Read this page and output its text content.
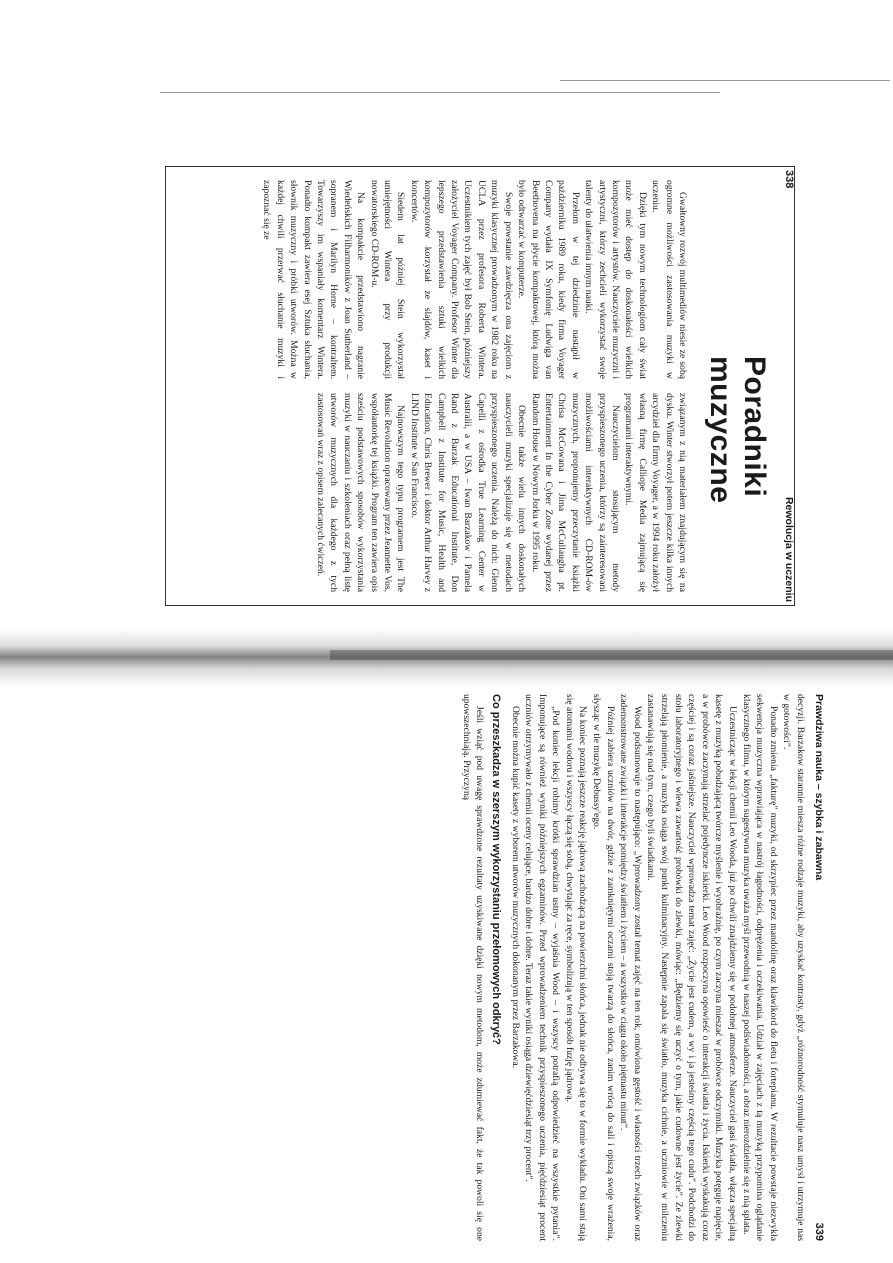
338
Rewolucja w uczeniu
Poradniki muzyczne

Gwałtowny rozwój multimediów niesie ze sobą ogromne możliwości zastosowania muzyki w uczeniu.

Dzięki tym nowym technologiom cały świat może mieć dostęp do doskonałości wielkich kompozytorów i artystów. Nauczyciele muzyczni i artystyczni, którzy zechcieli wykorzystać swoje talenty do ułatwienia innym nauki.

Przełom w tej dziedzinie nastąpił w październiku 1989 roku, kiedy firma Voyager Company wydała IX Symfonię Ludwiga van Beethovena na płycie kompaktowej, którą można było odtwarzać w komputerze.

Swoje powstanie zawdzięcza ona zajęciom z muzyki klasycznej prowadzonym w 1982 roku na UCLA przez profesora Roberta Wintera. Uczestnikiem tych zajęć był Bob Stein, późniejszy założyciel Voyager Company. Profesor Winter dla lepszego przedstawienia sztuki wielkich kompozytorów korzystał ze slajdów, kaset i koncertów.

Siedem lat później Stein wykorzystał umiejętności Wintera przy produkcji nowatorskiego CD-ROM-u.

Na kompakcie przedstawiono nagranie Wiedeńskich Filharmoników z Joan Sutherland – sopranem i Marilyn Horne – kontraltem. Towarzyszy im wspaniały komentarz Wintera. Ponadto kompakt zawiera esej Sztuka słuchania, słownik muzyczny i próbki utworów. Można w każdej chwili przerwać słuchanie muzyki i zapoznać się ze

związanym z nią materiałem znajdującym się na dysku. Winter stworzył potem jeszcze kilka innych arcydzieł dla firmy Voyager, a w 1994 roku założył własną firmę Calliope Media zajmującą się programami interaktywnymi.

Nauczycielom stosującym metody przyspieszonego uczenia, którzy są zainteresowani możliwościami interaktywnych CD-ROM-ów muzycznych, proponujemy przeczytanie książki Chrisa McCowana i Jima McCullaugha pt. Entertainment In the Cyber Zone wydanej przez Random House w Nowym Jorku w 1995 roku.

Obecnie także wielu innych doskonałych nauczycieli muzyki specjalizuje się w metodach przyspieszonego uczenia. Należą do nich: Glenn Capelli z ośrodka True Learning Center w Australii, a w USA – Iwan Barzakow i Pamela Rand z Barzak Educational Institute, Don Campbell z Institute for Music, Health and Education, Chris Brewer i doktor Arthur Harvey z LIND Institute w San Francisco.

Najnowszym tego typu programem jest The Music Revolution opracowany przez Jeannette Vos, współautorkę tej książki. Program ten zawiera opis sześciu podstawowych sposobów wykorzystania muzyki w nauczaniu i szkoleniach oraz pełną listę utworów muzycznych dla każdego z tych zastosowań wraz z opisem zalecanych ćwiczeń.

Prawdziwa nauka – szybka i zabawna
339

decyzji. Barzakow starannie miesza różne rodzaje muzyki, aby uzyskać kontrasty, gdyż „różnorodność stymuluje nasz umysł i utrzymuje nas w gotowości”.

Ponadto zmienia „fakturę” muzyki, od skrzypiec przez mandolinę oraz klawikord do fletu i fortepianu. W rezultacie powstaje niezwykła sekwencja muzyczna wprawiająca w nastrój łagodności, odprężenia i oczekiwania. Udział w zajęciach z tą muzyką przypomina oglądanie klasycznego filmu, w którym sugestywna muzyka uważa myśl przewodnią w naszej podświadomości, a obraz nierozdzielnie się z nią splata.

Uczestnicząc w lekcji chemii Leo Wooda, już po chwili znajdziemy się w podobnej atmosferze. Nauczyciel gasi światła, włącza specjalną kasetę z muzyką pobudzającą twórcze myślenie i wyobraźnię, po czym zaczyna mieszać w probówce odczynniki. Muzyka potęguje napięcie, a w probówce zaczynają strzelać pojedyncze iskierki. Leo Wood rozpoczyna opowieść o interakcji światła i życia. Iskierki wyskakują coraz częściej i są coraz jaśniejsze. Nauczyciel wprowadza temat zajęć: „Życie jest cudem, a wy i ja jesteśmy częścią tego cudu”. Podchodzi do stołu laboratoryjnego i wlewa zawartość probówki do zlewki, mówiąc: „Będziemy się uczyć o tym, jakie cudowne jest życie”. Ze zlewki strzelają płomienie, a muzyka osiąga swój punkt kulminacyjny. Następnie zapala się światło, muzyka cichnie, a uczniowie w milczeniu zastanawiają się nad tym, czego byli świadkami.

Wood podsumowuje to następująco: „Wprowadzony został temat zajęć na ten rok, omówiona gęstość i własności trzech związków oraz zademonstrowane związki i interakcje pomiędzy światłem i życiem – a wszystko w ciągu około piętnastu minut”.

Później zabiera uczniów na dwór, gdzie z zamkniętymi oczami stoją twarzą do słońca, zanim wrócą do sali i opiszą swoje wrażenia, słysząc w tle muzykę Debussy'ego.

Na koniec poznają jeszcze reakcję jądrową zachodzącą na powierzchni słońca, jednak nie odbywa się to w formie wykładu. Oni sami stają się atomami wodoru i wszyscy łączą się sobą, chwytając za ręce, symbolizują w ten sposób fuzję jądrową.

„Pod koniec lekcji robimy krótki sprawdzian ustny – wyjaśnia Wood – i wszyscy potrafią odpowiedzieć na wszystkie pytania”. Imponujące są również wyniki późniejszych egzaminów. Przed wprowadzeniem technik przyspieszonego uczenia, pięćdziesiąt procent uczniów otrzymywało z chemii oceny celujące, bardzo dobre i dobre. Teraz takie wyniki osiąga dziewięćdziesiąt trzy procent”.

Obecnie można kupić kasety z wyborem utworów muzycznych dokonanym przez Barzakowa.

Co przeszkadza w szerszym wykorzystaniu przełomowych odkryć?

Jeśli wziąć pod uwagę sprawdzone rezultaty uzyskiwane dzięki nowym metodom, może zdumiewać fakt, że tak powoli się one upowszechniają. Przyczyną
